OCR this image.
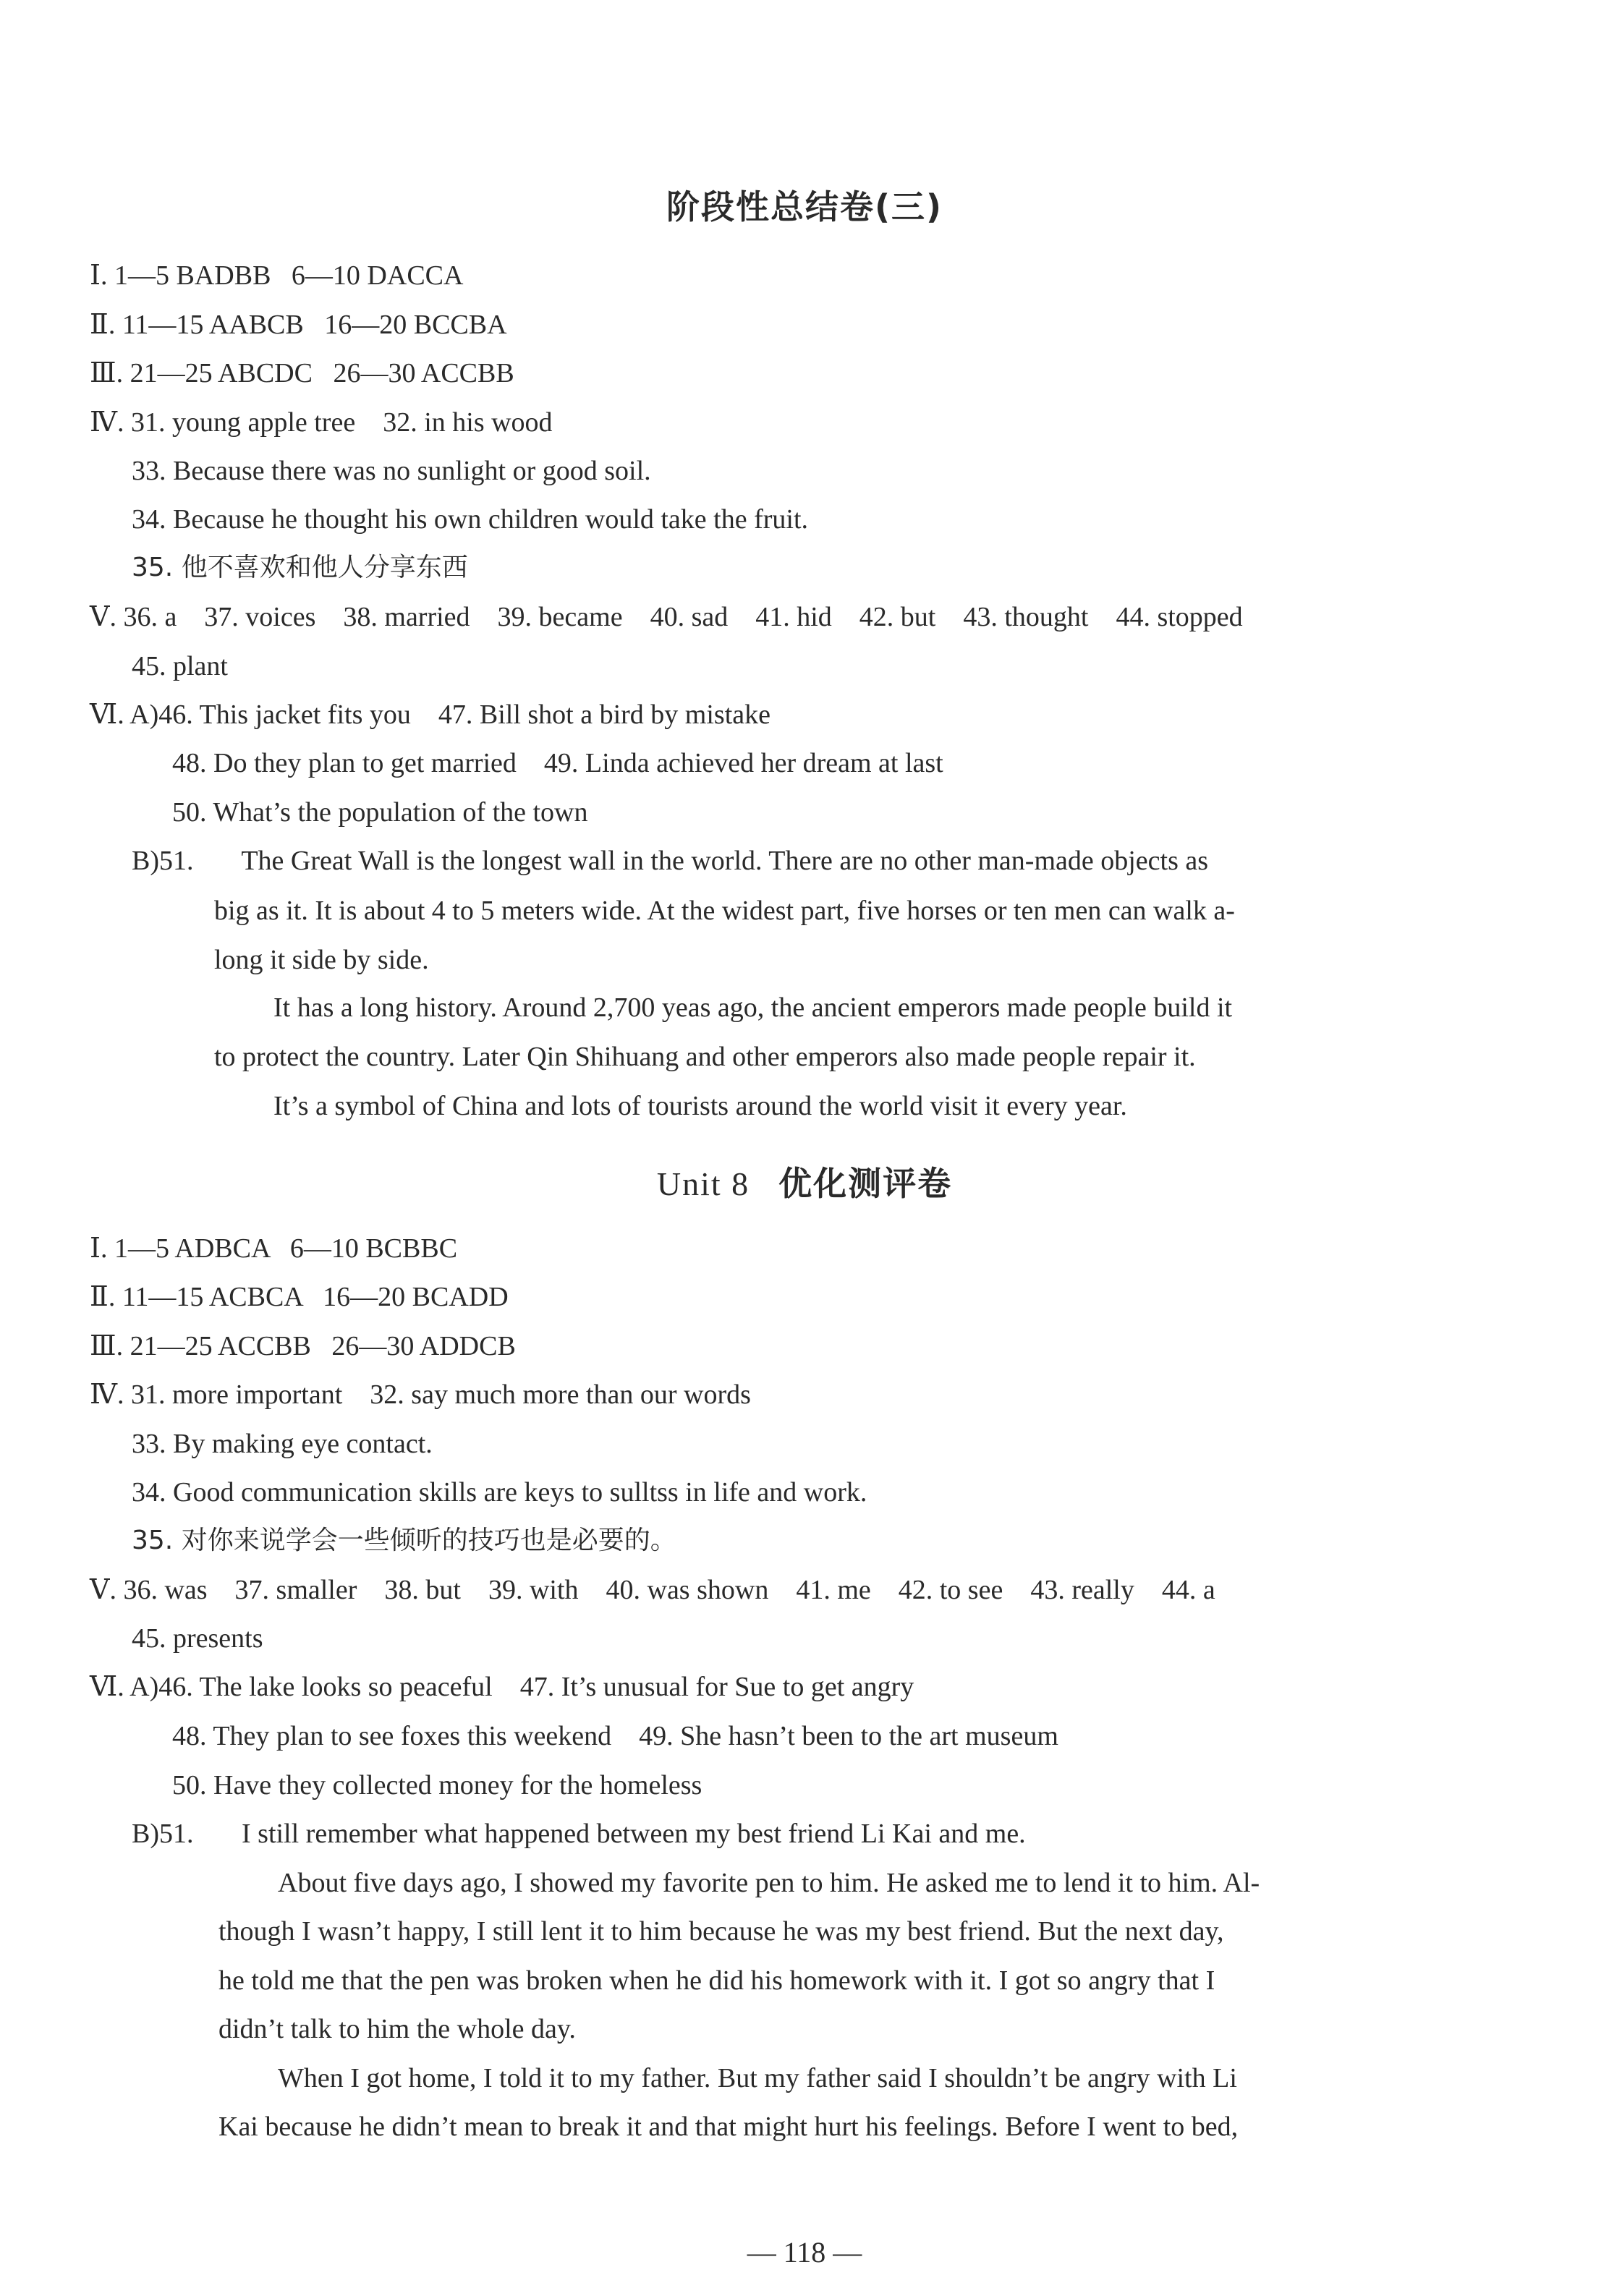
阶段性总结卷(三)
Ⅰ. 1—5 BADBB   6—10 DACCA
Ⅱ. 11—15 AABCB   16—20 BCCBA
Ⅲ. 21—25 ABCDC   26—30 ACCBB
Ⅳ. 31. young apple tree    32. in his wood
33. Because there was no sunlight or good soil.
34. Because he thought his own children would take the fruit.
35. 他不喜欢和他人分享东西
Ⅴ. 36. a    37. voices    38. married    39. became    40. sad    41. hid    42. but    43. thought    44. stopped
45. plant
Ⅵ. A)46. This jacket fits you    47. Bill shot a bird by mistake
48. Do they plan to get married    49. Linda achieved her dream at last
50. What’s the population of the town
B)51.       The Great Wall is the longest wall in the world. There are no other man-made objects as
big as it. It is about 4 to 5 meters wide. At the widest part, five horses or ten men can walk a-
long it side by side.
It has a long history. Around 2,700 yeas ago, the ancient emperors made people build it
to protect the country. Later Qin Shihuang and other emperors also made people repair it.
It’s a symbol of China and lots of tourists around the world visit it every year.
Unit 8 优化测评卷
Ⅰ. 1—5 ADBCA   6—10 BCBBC
Ⅱ. 11—15 ACBCA   16—20 BCADD
Ⅲ. 21—25 ACCBB   26—30 ADDCB
Ⅳ. 31. more important    32. say much more than our words
33. By making eye contact.
34. Good communication skills are keys to sulltss in life and work.
35. 对你来说学会一些倾听的技巧也是必要的。
Ⅴ. 36. was    37. smaller    38. but    39. with    40. was shown    41. me    42. to see    43. really    44. a
45. presents
Ⅵ. A)46. The lake looks so peaceful    47. It’s unusual for Sue to get angry
48. They plan to see foxes this weekend    49. She hasn’t been to the art museum
50. Have they collected money for the homeless
B)51.       I still remember what happened between my best friend Li Kai and me.
About five days ago, I showed my favorite pen to him. He asked me to lend it to him. Al-
though I wasn’t happy, I still lent it to him because he was my best friend. But the next day,
he told me that the pen was broken when he did his homework with it. I got so angry that I
didn’t talk to him the whole day.
When I got home, I told it to my father. But my father said I shouldn’t be angry with Li
Kai because he didn’t mean to break it and that might hurt his feelings. Before I went to bed,
— 118 —
